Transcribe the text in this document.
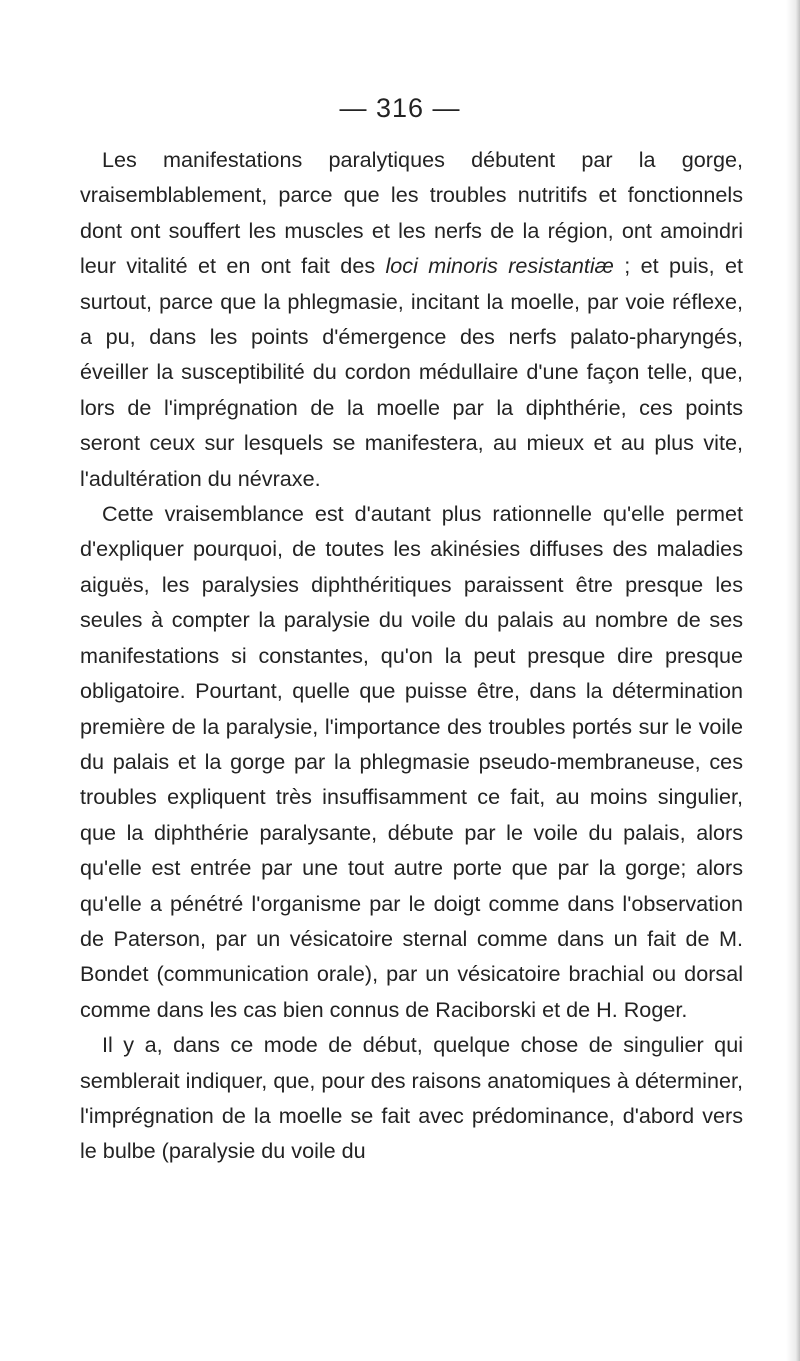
— 316 —

Les manifestations paralytiques débutent par la gorge, vraisemblablement, parce que les troubles nutritifs et fonctionnels dont ont souffert les muscles et les nerfs de la région, ont amoindri leur vitalité et en ont fait des loci minoris resistantiæ ; et puis, et surtout, parce que la phlegmasie, incitant la moelle, par voie réflexe, a pu, dans les points d'émergence des nerfs palato-pharyngés, éveiller la susceptibilité du cordon médullaire d'une façon telle, que, lors de l'imprégnation de la moelle par la diphthérie, ces points seront ceux sur lesquels se manifestera, au mieux et au plus vite, l'adultération du névraxe.

Cette vraisemblance est d'autant plus rationnelle qu'elle permet d'expliquer pourquoi, de toutes les akinésies diffuses des maladies aiguës, les paralysies diphthéritiques paraissent être presque les seules à compter la paralysie du voile du palais au nombre de ses manifestations si constantes, qu'on la peut presque dire presque obligatoire. Pourtant, quelle que puisse être, dans la détermination première de la paralysie, l'importance des troubles portés sur le voile du palais et la gorge par la phlegmasie pseudo-membraneuse, ces troubles expliquent très insuffisamment ce fait, au moins singulier, que la diphthérie paralysante, débute par le voile du palais, alors qu'elle est entrée par une tout autre porte que par la gorge; alors qu'elle a pénétré l'organisme par le doigt comme dans l'observation de Paterson, par un vésicatoire sternal comme dans un fait de M. Bondet (communication orale), par un vésicatoire brachial ou dorsal comme dans les cas bien connus de Raciborski et de H. Roger.

Il y a, dans ce mode de début, quelque chose de singulier qui semblerait indiquer, que, pour des raisons anatomiques à déterminer, l'imprégnation de la moelle se fait avec prédominance, d'abord vers le bulbe (paralysie du voile du
